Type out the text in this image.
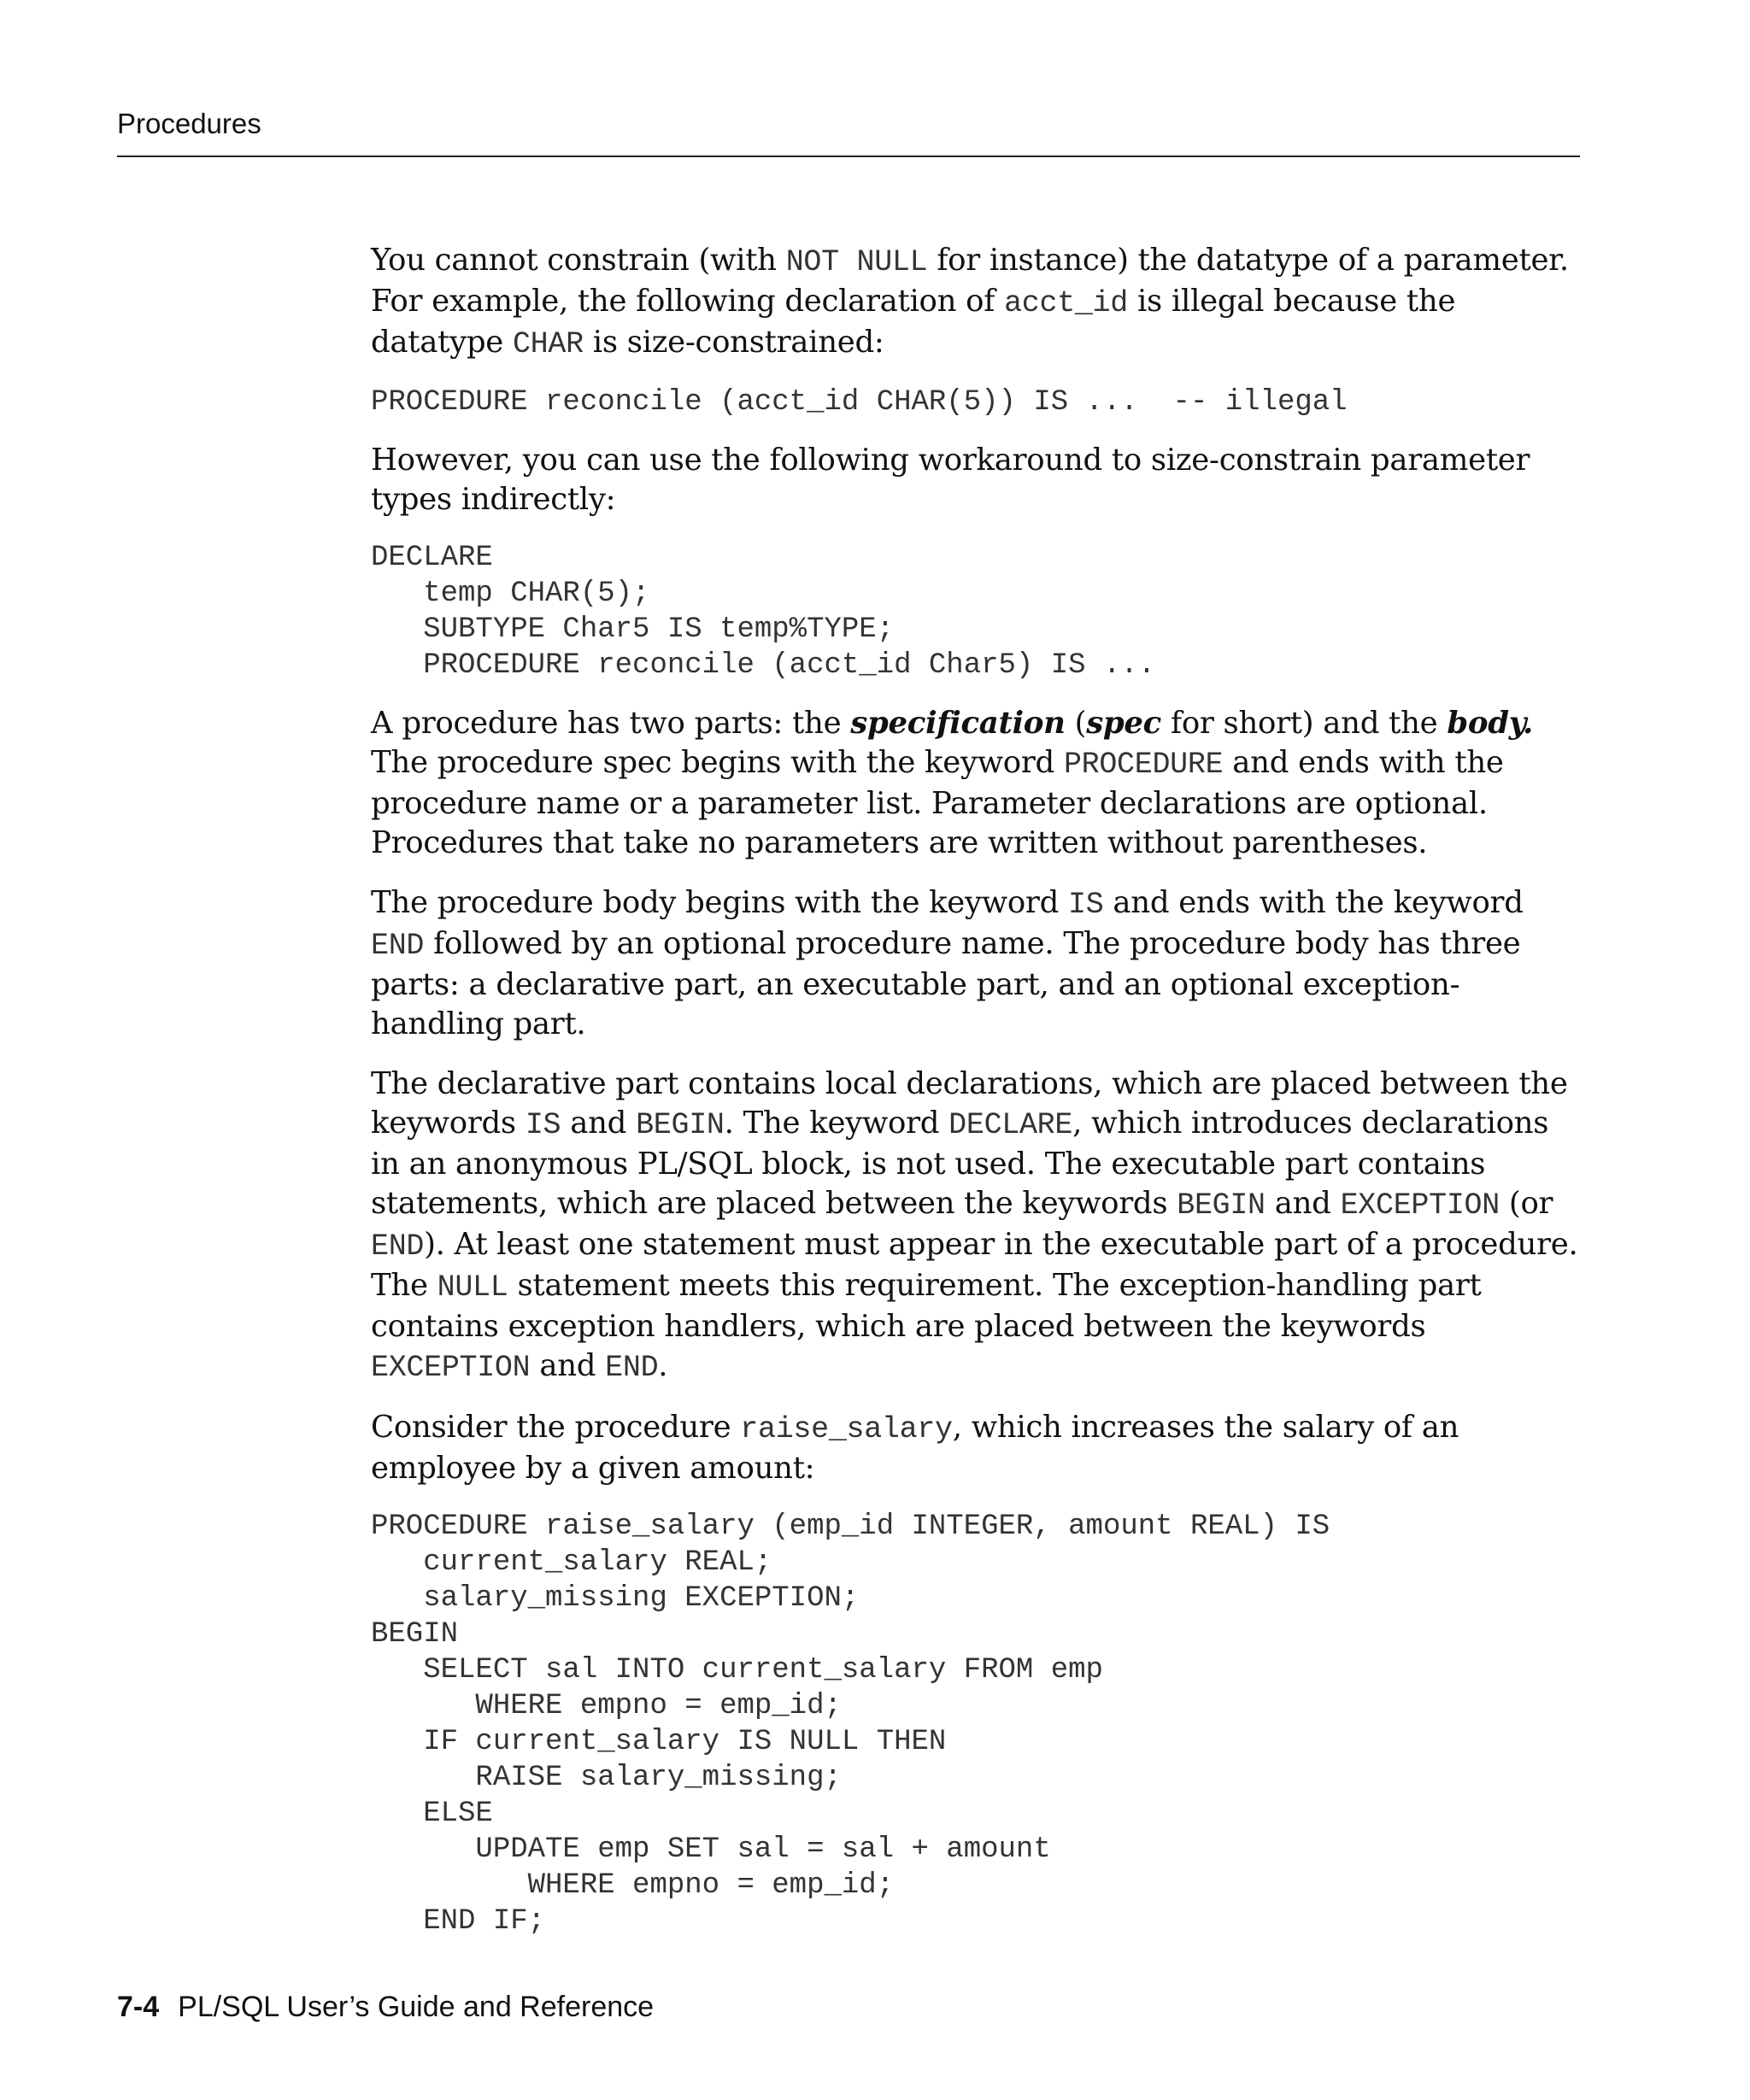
Procedures

You cannot constrain (with NOT NULL for instance) the datatype of a parameter. For example, the following declaration of acct_id is illegal because the datatype CHAR is size-constrained:

PROCEDURE reconcile (acct_id CHAR(5)) IS ...  -- illegal

However, you can use the following workaround to size-constrain parameter types indirectly:

DECLARE
temp CHAR(5);
SUBTYPE Char5 IS temp%TYPE;
PROCEDURE reconcile (acct_id Char5) IS ...

A procedure has two parts: the specification (spec for short) and the body. The procedure spec begins with the keyword PROCEDURE and ends with the procedure name or a parameter list. Parameter declarations are optional. Procedures that take no parameters are written without parentheses.

The procedure body begins with the keyword IS and ends with the keyword END followed by an optional procedure name. The procedure body has three parts: a declarative part, an executable part, and an optional exception-handling part.

The declarative part contains local declarations, which are placed between the keywords IS and BEGIN. The keyword DECLARE, which introduces declarations in an anonymous PL/SQL block, is not used. The executable part contains statements, which are placed between the keywords BEGIN and EXCEPTION (or END). At least one statement must appear in the executable part of a procedure. The NULL statement meets this requirement. The exception-handling part contains exception handlers, which are placed between the keywords EXCEPTION and END.

Consider the procedure raise_salary, which increases the salary of an employee by a given amount:

PROCEDURE raise_salary (emp_id INTEGER, amount REAL) IS
current_salary REAL;
salary_missing EXCEPTION;
BEGIN
SELECT sal INTO current_salary FROM emp
WHERE empno = emp_id;
IF current_salary IS NULL THEN
RAISE salary_missing;
ELSE
UPDATE emp SET sal = sal + amount
WHERE empno = emp_id;
END IF;
7-4 PL/SQL User’s Guide and Reference
